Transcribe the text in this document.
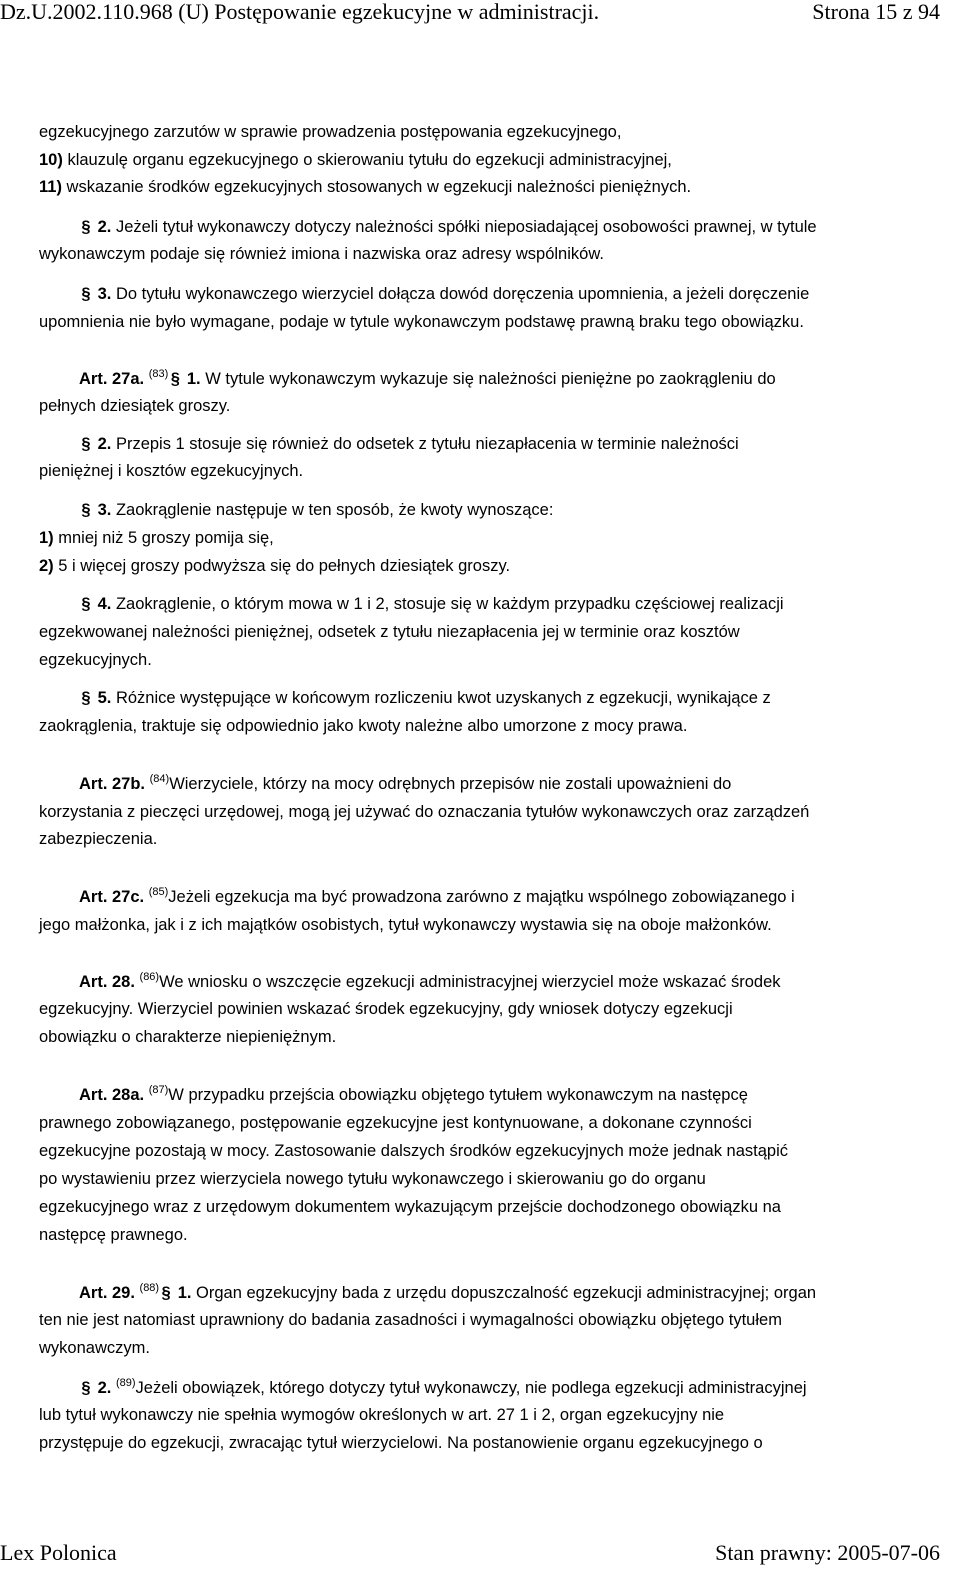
Dz.U.2002.110.968 (U) Postępowanie egzekucyjne w administracji.	Strona 15 z 94
egzekucyjnego zarzutów w sprawie prowadzenia postępowania egzekucyjnego,
10) klauzulę organu egzekucyjnego o skierowaniu tytułu do egzekucji administracyjnej,
11) wskazanie środków egzekucyjnych stosowanych w egzekucji należności pieniężnych.
§ 2. Jeżeli tytuł wykonawczy dotyczy należności spółki nieposiadającej osobowości prawnej, w tytule
wykonawczym podaje się również imiona i nazwiska oraz adresy wspólników.
§ 3. Do tytułu wykonawczego wierzyciel dołącza dowód doręczenia upomnienia, a jeżeli doręczenie
upomnienia nie było wymagane, podaje w tytule wykonawczym podstawę prawną braku tego obowiązku.
Art. 27a. $^{(83)}$ § 1. W tytule wykonawczym wykazuje się należności pieniężne po zaokrągleniu do
pełnych dziesiątek groszy.
§ 2. Przepis 1 stosuje się również do odsetek z tytułu niezapłacenia w terminie należności
pieniężnej i kosztów egzekucyjnych.
§ 3. Zaokrąglenie następuje w ten sposób, że kwoty wynoszące:
1) mniej niż 5 groszy pomija się,
2) 5 i więcej groszy podwyższa się do pełnych dziesiątek groszy.
§ 4. Zaokrąglenie, o którym mowa w 1 i 2, stosuje się w każdym przypadku częściowej realizacji
egzekwowanej należności pieniężnej, odsetek z tytułu niezapłacenia jej w terminie oraz kosztów
egzekucyjnych.
§ 5. Różnice występujące w końcowym rozliczeniu kwot uzyskanych z egzekucji, wynikające z
zaokrąglenia, traktuje się odpowiednio jako kwoty należne albo umorzone z mocy prawa.
Art. 27b. $^{(84)}$Wierzyciele, którzy na mocy odrębnych przepisów nie zostali upoważnieni do
korzystania z pieczęci urzędowej, mogą jej używać do oznaczania tytułów wykonawczych oraz zarządzeń
zabezpieczenia.
Art. 27c. $^{(85)}$Jeżeli egzekucja ma być prowadzona zarówno z majątku wspólnego zobowiązanego i
jego małżonka, jak i z ich majątków osobistych, tytuł wykonawczy wystawia się na oboje małżonków.
Art. 28. $^{(86)}$We wniosku o wszczęcie egzekucji administracyjnej wierzyciel może wskazać środek
egzekucyjny. Wierzyciel powinien wskazać środek egzekucyjny, gdy wniosek dotyczy egzekucji
obowiązku o charakterze niepieniężnym.
Art. 28a. $^{(87)}$W przypadku przejścia obowiązku objętego tytułem wykonawczym na następcę
prawnego zobowiązanego, postępowanie egzekucyjne jest kontynuowane, a dokonane czynności
egzekucyjne pozostają w mocy. Zastosowanie dalszych środków egzekucyjnych może jednak nastąpić
po wystawieniu przez wierzyciela nowego tytułu wykonawczego i skierowaniu go do organu
egzekucyjnego wraz z urzędowym dokumentem wykazującym przejście dochodzonego obowiązku na
następcę prawnego.
Art. 29. $^{(88)}$ § 1. Organ egzekucyjny bada z urzędu dopuszczalność egzekucji administracyjnej; organ
ten nie jest natomiast uprawniony do badania zasadności i wymagalności obowiązku objętego tytułem
wykonawczym.
§ 2. $^{(89)}$Jeżeli obowiązek, którego dotyczy tytuł wykonawczy, nie podlega egzekucji administracyjnej
lub tytuł wykonawczy nie spełnia wymogów określonych w art. 27 1 i 2, organ egzekucyjny nie
przystępuje do egzekucji, zwracając tytuł wierzycielowi. Na postanowienie organu egzekucyjnego o
Lex Polonica	Stan prawny: 2005-07-06
